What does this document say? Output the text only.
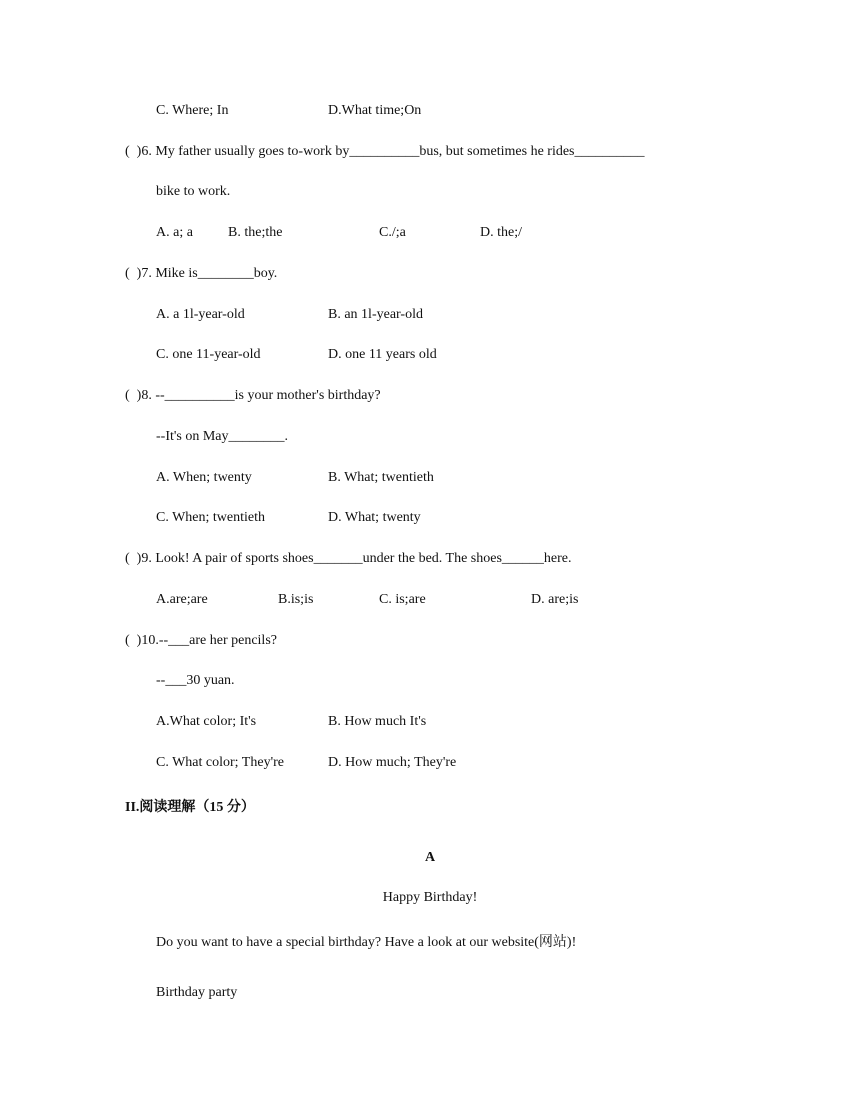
C. Where; In	D.What time;On
(  )6. My father usually goes to-work by__________bus, but sometimes he rides__________
bike to work.
A. a; a	B. the;the	C./;a	D. the;/
(  )7. Mike is________boy.
A. a 1l-year-old	B. an 1l-year-old
C. one 11-year-old	D. one 11 years old
(  )8. --__________is your mother's birthday?
--It's on May________.
A. When; twenty	B. What; twentieth
C. When; twentieth	D. What; twenty
(  )9. Look! A pair of sports shoes_______under the bed. The shoes______here.
A.are;are	B.is;is	C. is;are	D. are;is
(  )10.--___are her pencils?
--___30 yuan.
A.What color; It's	B. How much It's
C. What color; They're	D. How much; They're
II.阅读理解（15 分）
A
Happy Birthday!
Do you want to have a special birthday? Have a look at our website(网站)!
Birthday party
